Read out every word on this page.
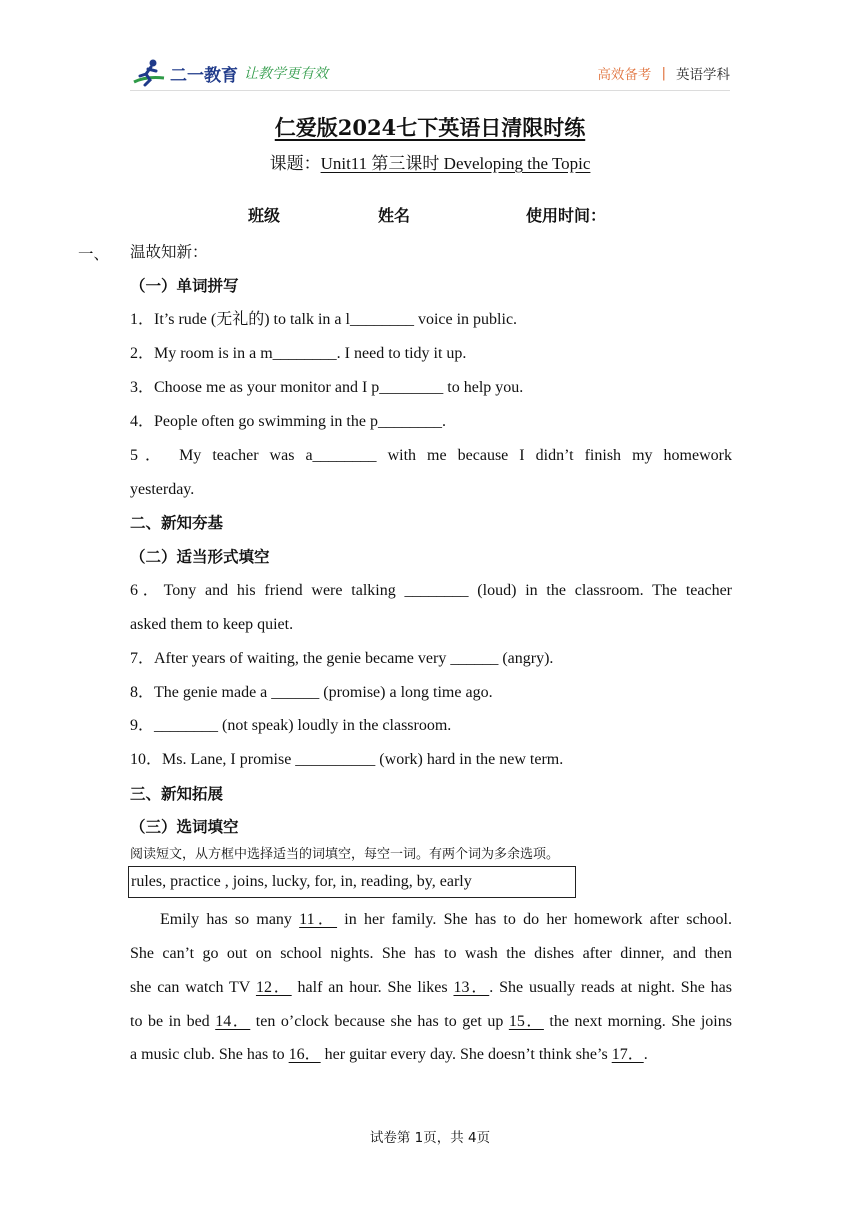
二一教育 让教学更有效	高效备考 | 英语学科
仁爱版2024七下英语日清限时练
课题：Unit11 第三课时 Developing the Topic
班级	姓名	使用时间：
一、 温故知新：
（一）单词拼写
1．It’s rude (无礼的) to talk in a l________ voice in public.
2．My room is in a m________. I need to tidy it up.
3．Choose me as your monitor and I p________ to help you.
4．People often go swimming in the p________.
5． My teacher was a________ with me because I didn’t finish my homework
yesterday.
二、新知夯基
（二）适当形式填空
6．Tony and his friend were talking ________ (loud) in the classroom. The teacher
asked them to keep quiet.
7．After years of waiting, the genie became very ______ (angry).
8．The genie made a ______ (promise) a long time ago.
9．________ (not speak) loudly in the classroom.
10．Ms. Lane, I promise __________ (work) hard in the new term.
三、新知拓展
（三）选词填空
阅读短文，从方框中选择适当的词填空，每空一词。有两个词为多余选项。
rules, practice , joins, lucky, for, in, reading, by, early
Emily has so many 11． in her family. She has to do her homework after school.
She can’t go out on school nights. She has to wash the dishes after dinner, and then
she can watch TV 12． half an hour. She likes 13．. She usually reads at night. She has
to be in bed 14． ten o’clock because she has to get up 15． the next morning. She joins
a music club. She has to 16． her guitar every day. She doesn’t think she’s 17．.
试卷第 1页，共 4页
